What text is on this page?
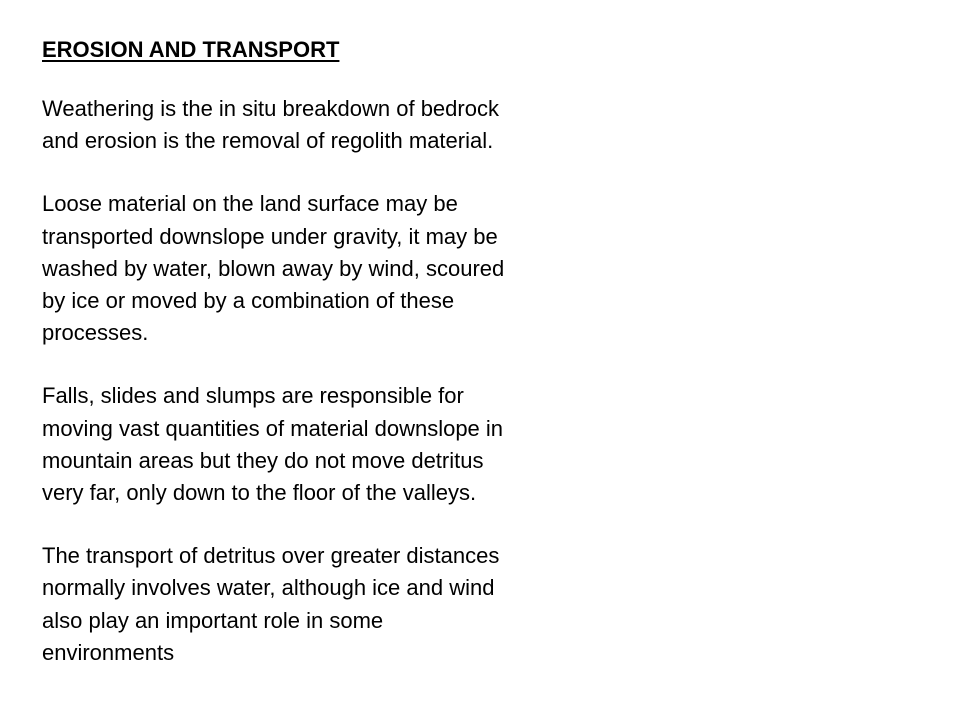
EROSION AND TRANSPORT

Weathering is the in situ breakdown of bedrock
and erosion is the removal of regolith material.

Loose material on the land surface may be
transported downslope under gravity, it may be
washed by water, blown away by wind, scoured
by ice or moved by a combination of these
processes.

Falls, slides and slumps are responsible for
moving vast quantities of material downslope in
mountain areas but they do not move detritus
very far, only down to the floor of the valleys.

The transport of detritus over greater distances
normally involves water, although ice and wind
also play an important role in some
environments
